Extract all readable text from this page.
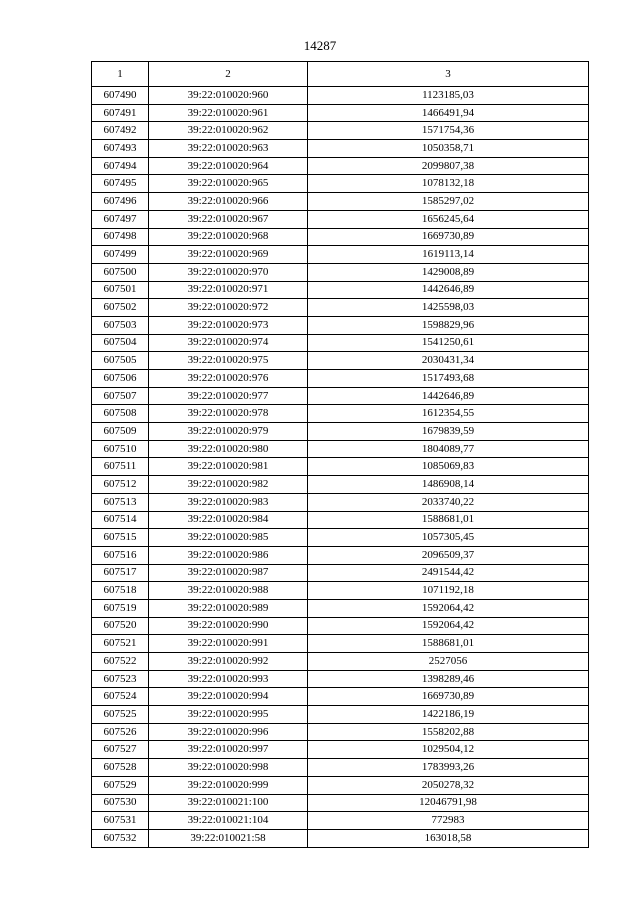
14287
1	2	3
607490	39:22:010020:960	1123185,03
607491	39:22:010020:961	1466491,94
607492	39:22:010020:962	1571754,36
607493	39:22:010020:963	1050358,71
607494	39:22:010020:964	2099807,38
607495	39:22:010020:965	1078132,18
607496	39:22:010020:966	1585297,02
607497	39:22:010020:967	1656245,64
607498	39:22:010020:968	1669730,89
607499	39:22:010020:969	1619113,14
607500	39:22:010020:970	1429008,89
607501	39:22:010020:971	1442646,89
607502	39:22:010020:972	1425598,03
607503	39:22:010020:973	1598829,96
607504	39:22:010020:974	1541250,61
607505	39:22:010020:975	2030431,34
607506	39:22:010020:976	1517493,68
607507	39:22:010020:977	1442646,89
607508	39:22:010020:978	1612354,55
607509	39:22:010020:979	1679839,59
607510	39:22:010020:980	1804089,77
607511	39:22:010020:981	1085069,83
607512	39:22:010020:982	1486908,14
607513	39:22:010020:983	2033740,22
607514	39:22:010020:984	1588681,01
607515	39:22:010020:985	1057305,45
607516	39:22:010020:986	2096509,37
607517	39:22:010020:987	2491544,42
607518	39:22:010020:988	1071192,18
607519	39:22:010020:989	1592064,42
607520	39:22:010020:990	1592064,42
607521	39:22:010020:991	1588681,01
607522	39:22:010020:992	2527056
607523	39:22:010020:993	1398289,46
607524	39:22:010020:994	1669730,89
607525	39:22:010020:995	1422186,19
607526	39:22:010020:996	1558202,88
607527	39:22:010020:997	1029504,12
607528	39:22:010020:998	1783993,26
607529	39:22:010020:999	2050278,32
607530	39:22:010021:100	12046791,98
607531	39:22:010021:104	772983
607532	39:22:010021:58	163018,58
